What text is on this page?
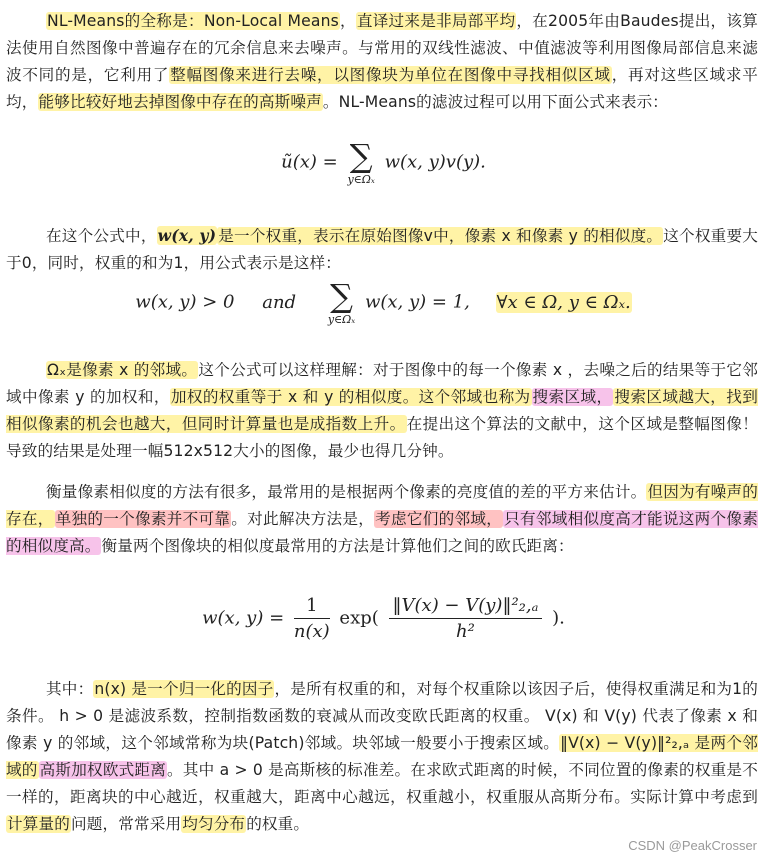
NL-Means的全称是：Non-Local Means，直译过来是非局部平均，在2005年由Baudes提出，该算法使用自然图像中普遍存在的冗余信息来去噪声。与常用的双线性滤波、中值滤波等利用图像局部信息来滤波不同的是，它利用了整幅图像来进行去噪，以图像块为单位在图像中寻找相似区域，再对这些区域求平均，能够比较好地去掉图像中存在的高斯噪声。NL-Means的滤波过程可以用下面公式来表示：

ũ(x) = ∑
y∈Ωₓ
w(x, y)v(y).

在这个公式中，w(x, y) 是一个权重，表示在原始图像v中，像素 x 和像素 y 的相似度。这个权重要大于0，同时，权重的和为1，用公式表示是这样：

w(x, y) > 0 and ∑
y∈Ωₓ
w(x, y) = 1, ∀x ∈ Ω, y ∈ Ωₓ.

Ωₓ是像素 x 的邻域。这个公式可以这样理解：对于图像中的每一个像素 x ，去噪之后的结果等于它邻域中像素 y 的加权和，加权的权重等于 x 和 y 的相似度。这个邻域也称为 搜索区域， 搜索区域越大，找到相似像素的机会也越大，但同时计算量也是成指数上升。在提出这个算法的文献中，这个区域是整幅图像！导致的结果是处理一幅512x512大小的图像，最少也得几分钟。

衡量像素相似度的方法有很多，最常用的是根据两个像素的亮度值的差的平方来估计。但因为有噪声的存在， 单独的一个像素并不可靠。对此解决方法是，考虑它们的邻域， 只有邻域相似度高才能说这两个像素的相似度高。衡量两个图像块的相似度最常用的方法是计算他们之间的欧氏距离：

w(x, $y) = \frac{1}{n(x)} \exp( \frac{\text{‖V(x) − V(y)‖²₂,ₐ}}{\text{h²}}$ ).

其中：n(x) 是一个归一化的因子，是所有权重的和，对每个权重除以该因子后，使得权重满足和为1的条件。 h > 0 是滤波系数，控制指数函数的衰减从而改变欧氏距离的权重。 V(x) 和 V(y) 代表了像素 x 和像素 y 的邻域，这个邻域常称为块(Patch)邻域。块邻域一般要小于搜索区域。‖V(x) − V(y)‖²₂,ₐ 是两个邻域的 高斯加权欧式距离。其中 a > 0 是高斯核的标准差。在求欧式距离的时候，不同位置的像素的权重是不一样的，距离块的中心越近，权重越大，距离中心越远，权重越小，权重服从高斯分布。实际计算中考虑到计算量的问题，常常采用均匀分布的权重。

CSDN @PeakCrosser
